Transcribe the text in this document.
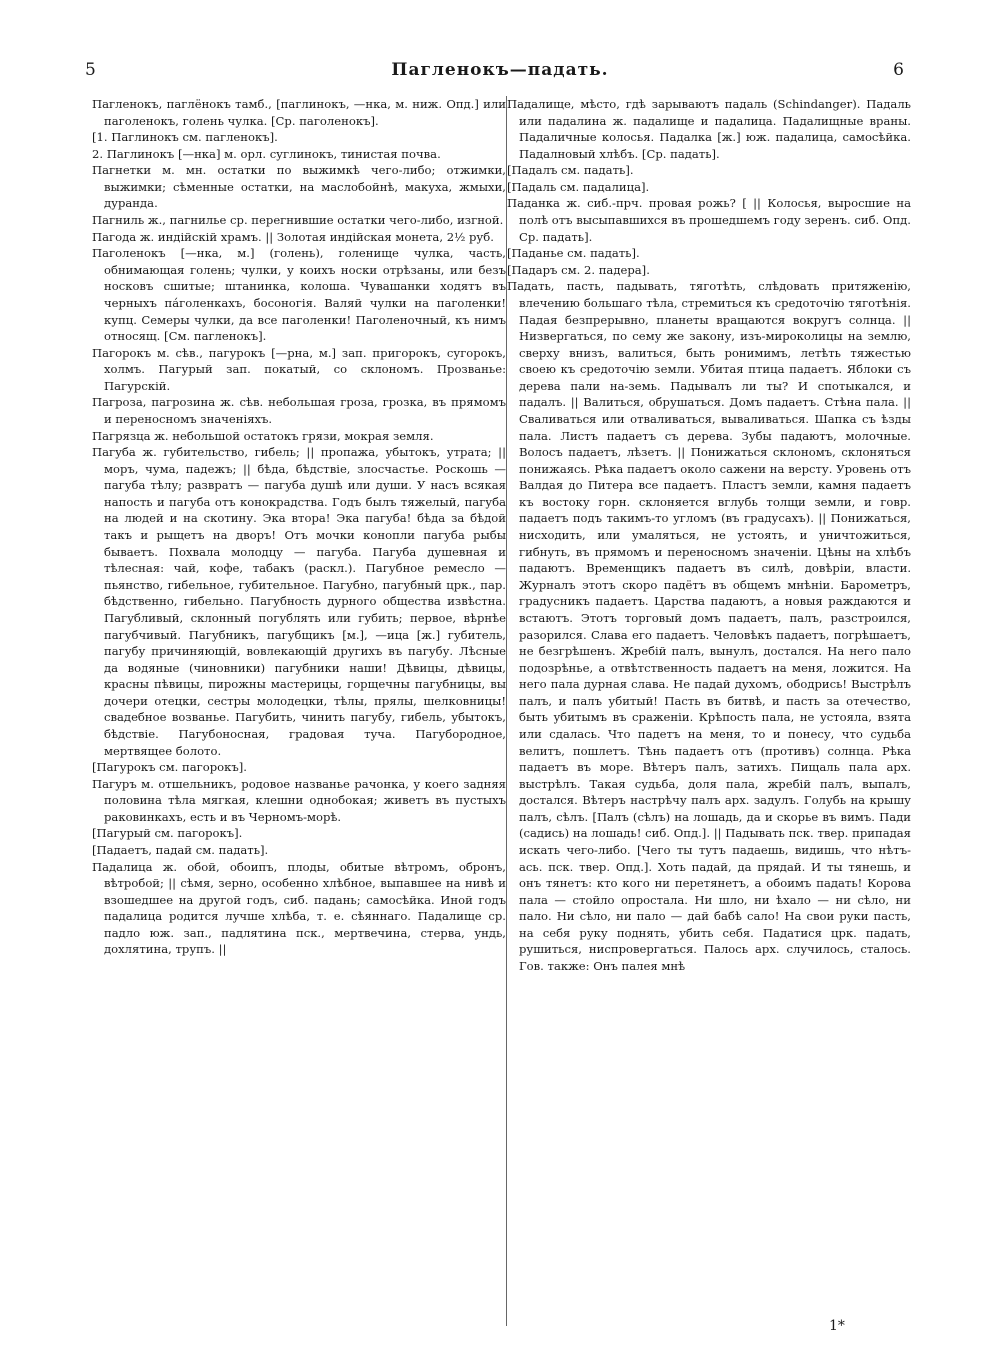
5	Пагленокъ—падать.	6

Пагленокъ, паглёнокъ тамб., [паглинокъ, —нка, м. ниж. Опд.] или паголенокъ, голень чулка. [Ср. паголенокъ].

[1. Паглинокъ см. пагленокъ].

2. Паглинокъ [—нка] м. орл. суглинокъ, тинистая почва.

Пагнетки м. мн. остатки по выжимкѣ чего-либо; отжимки, выжимки; сѣменные остатки, на маслобойнѣ, макуха, жмыхи, дуранда.

Пагниль ж., пагнилье ср. перегнившие остатки чего-либо, изгной.

Пагода ж. индійскій храмъ. || Золотая индійская монета, 2½ руб.

Паголенокъ [—нка, м.] (голень), голенище чулка, часть, обнимающая голень; чулки, у коихъ носки отрѣзаны, или безъ носковъ сшитые; штанинка, колоша. Чувашанки ходятъ въ черныхъ пáголенкахъ, босоногія. Валяй чулки на паголенки! купц. Семеры чулки, да все паголенки! Паголеночный, къ нимъ относящ. [См. пагленокъ].

Пагорокъ м. сѣв., пагурокъ [—рна, м.] зап. пригорокъ, сугорокъ, холмъ. Пагурый зап. покатый, со склономъ. Прозванье: Пагурскій.

Пагроза, пагрозина ж. сѣв. небольшая гроза, грозка, въ прямомъ и переносномъ значеніяхъ.

Пагрязца ж. небольшой остатокъ грязи, мокрая земля.

Пагуба ж. губительство, гибель; || пропажа, убытокъ, утрата; || моръ, чума, падежъ; || бѣда, бѣдствіе, злосчастье. Роскошь — пагуба тѣлу; развратъ — пагуба душѣ или души. У насъ всякая напость и пагуба отъ конокрадства. Годъ былъ тяжелый, пагуба на людей и на скотину. Эка втора! Эка пагуба! бѣда за бѣдой такъ и рыщетъ на дворъ! Отъ мочки конопли пагуба рыбы бываетъ. Похвала молодцу — пагуба. Пагуба душевная и тѣлесная: чай, кофе, табакъ (раскл.). Пагубное ремесло — пьянство, гибельное, губительное. Пагубно, пагубный црк., пар. бѣдственно, гибельно. Пагубность дурного общества извѣстна. Пагубливый, склонный погублять или губить; первое, вѣрнѣе пагубчивый. Пагубникъ, пагубщикъ [м.], —ица [ж.] губитель, пагубу причиняющій, вовлекающій другихъ въ пагубу. Лѣсные да водяные (чиновники) пагубники наши! Дѣвицы, дѣвицы, красны пѣвицы, пирожны мастерицы, горщечны пагубницы, вы дочери отецки, сестры молодецки, тѣлы, прялы, шелковницы! свадебное возванье. Пагубить, чинить пагубу, гибель, убытокъ, бѣдствіе. Пагубоносная, градовая туча. Пагубородное, мертвящее болото.

[Пагурокъ см. пагорокъ].

Пагуръ м. отшельникъ, родовое названье рачонка, у коего задняя половина тѣла мягкая, клешни однобокая; живетъ въ пустыхъ раковинкахъ, есть и въ Черномъ-морѣ.

[Пагурый см. пагорокъ].

[Падаетъ, падай см. падать].

Падалица ж. обой, обоипъ, плоды, обитые вѣтромъ, обронъ, вѣтробой; || сѣмя, зерно, особенно хлѣбное, выпавшее на нивѣ и взошедшее на другой годъ, сиб. падань; самосѣйка. Иной годъ падалица родится лучше хлѣба, т. е. сѣяннаго. Падалище ср. падло юж. зап., падлятина пск., мертвечина, стерва, ундь, дохлятина, трупъ. ||

Падалище, мѣсто, гдѣ зарываютъ падаль (Schindanger). Падаль или падалина ж. падалище и падалица. Падалищные враны. Падаличные колосья. Падалка [ж.] юж. падалица, самосѣйка. Падалновый хлѣбъ. [Ср. падать].

[Падалъ см. падать].

[Падаль см. падалица].

Паданка ж. сиб.-прч. провая рожь? [ || Колосья, выросшие на полѣ отъ высыпавшихся въ прошедшемъ году зеренъ. сиб. Опд. Ср. падать].

[Паданье см. падать].

[Падаръ см. 2. падера].

Падать, пасть, падывать, тяготѣть, слѣдовать притяженію, влечению большаго тѣла, стремиться къ средоточію тяготѣнія. Падая безпрерывно, планеты вращаются вокругъ солнца. || Низвергаться, по сему же закону, изъ-мироколицы на землю, сверху внизъ, валиться, быть ронимимъ, летѣть тяжестью своею къ средоточію земли. Убитая птица падаетъ. Яблоки съ дерева пали на-земь. Падывалъ ли ты? И спотыкался, и падалъ. || Валиться, обрушаться. Домъ падаетъ. Стѣна пала. || Сваливаться или отваливаться, вываливаться. Шапка съ ѣзды пала. Листъ падаетъ съ дерева. Зубы падаютъ, молочные. Волосъ падаетъ, лѣзетъ. || Понижаться склономъ, склоняться понижаясь. Рѣка падаетъ около сажени на версту. Уровень отъ Валдая до Питера все падаетъ. Пластъ земли, камня падаетъ къ востоку горн. склоняется вглубь толщи земли, и говр. падаетъ подъ такимъ-то угломъ (въ градусахъ). || Понижаться, нисходить, или умаляться, не устоять, и уничтожиться, гибнуть, въ прямомъ и переносномъ значеніи. Цѣны на хлѣбъ падаютъ. Временщикъ падаетъ въ силѣ, довѣріи, власти. Журналъ этотъ скоро падётъ въ общемъ мнѣніи. Барометръ, градусникъ падаетъ. Царства падаютъ, а новыя раждаются и встаютъ. Этотъ торговый домъ падаетъ, палъ, разстроился, разорился. Слава его падаетъ. Человѣкъ падаетъ, погрѣшаетъ, не безгрѣшенъ. Жребій палъ, вынулъ, достался. На него пало подозрѣнье, а отвѣтственность падаетъ на меня, ложится. На него пала дурная слава. Не падай духомъ, ободрись! Выстрѣлъ палъ, и палъ убитый! Пасть въ битвѣ, и пасть за отечество, быть убитымъ въ сраженіи. Крѣпость пала, не устояла, взята или сдалась. Что падетъ на меня, то и понесу, что судьба велитъ, пошлетъ. Тѣнь падаетъ отъ (противъ) солнца. Рѣка падаетъ въ море. Вѣтеръ палъ, затихъ. Пищаль пала арх. выстрѣлъ. Такая судьба, доля пала, жребій палъ, выпалъ, достался. Вѣтеръ настрѣчу палъ арх. задулъ. Голубь на крышу палъ, сѣлъ. [Палъ (сѣлъ) на лошадь, да и скорье въ вимъ. Пади (садись) на лошадь! сиб. Опд.]. || Падывать пск. твер. припадая искать чего-либо. [Чего ты тутъ падаешь, видишь, что нѣтъ-ась. пск. твер. Опд.]. Хоть падай, да прядай. И ты тянешь, и онъ тянетъ: кто кого ни перетянетъ, а обоимъ падать! Корова пала — стойло опростала. Ни шло, ни ѣхало — ни сѣло, ни пало. Ни сѣло, ни пало — дай бабѣ сало! На свои руки пасть, на себя руку поднять, убить себя. Падатися црк. падать, рушиться, ниспровергаться. Палось арх. случилось, сталось. Гов. также: Онъ палея мнѣ

1*
